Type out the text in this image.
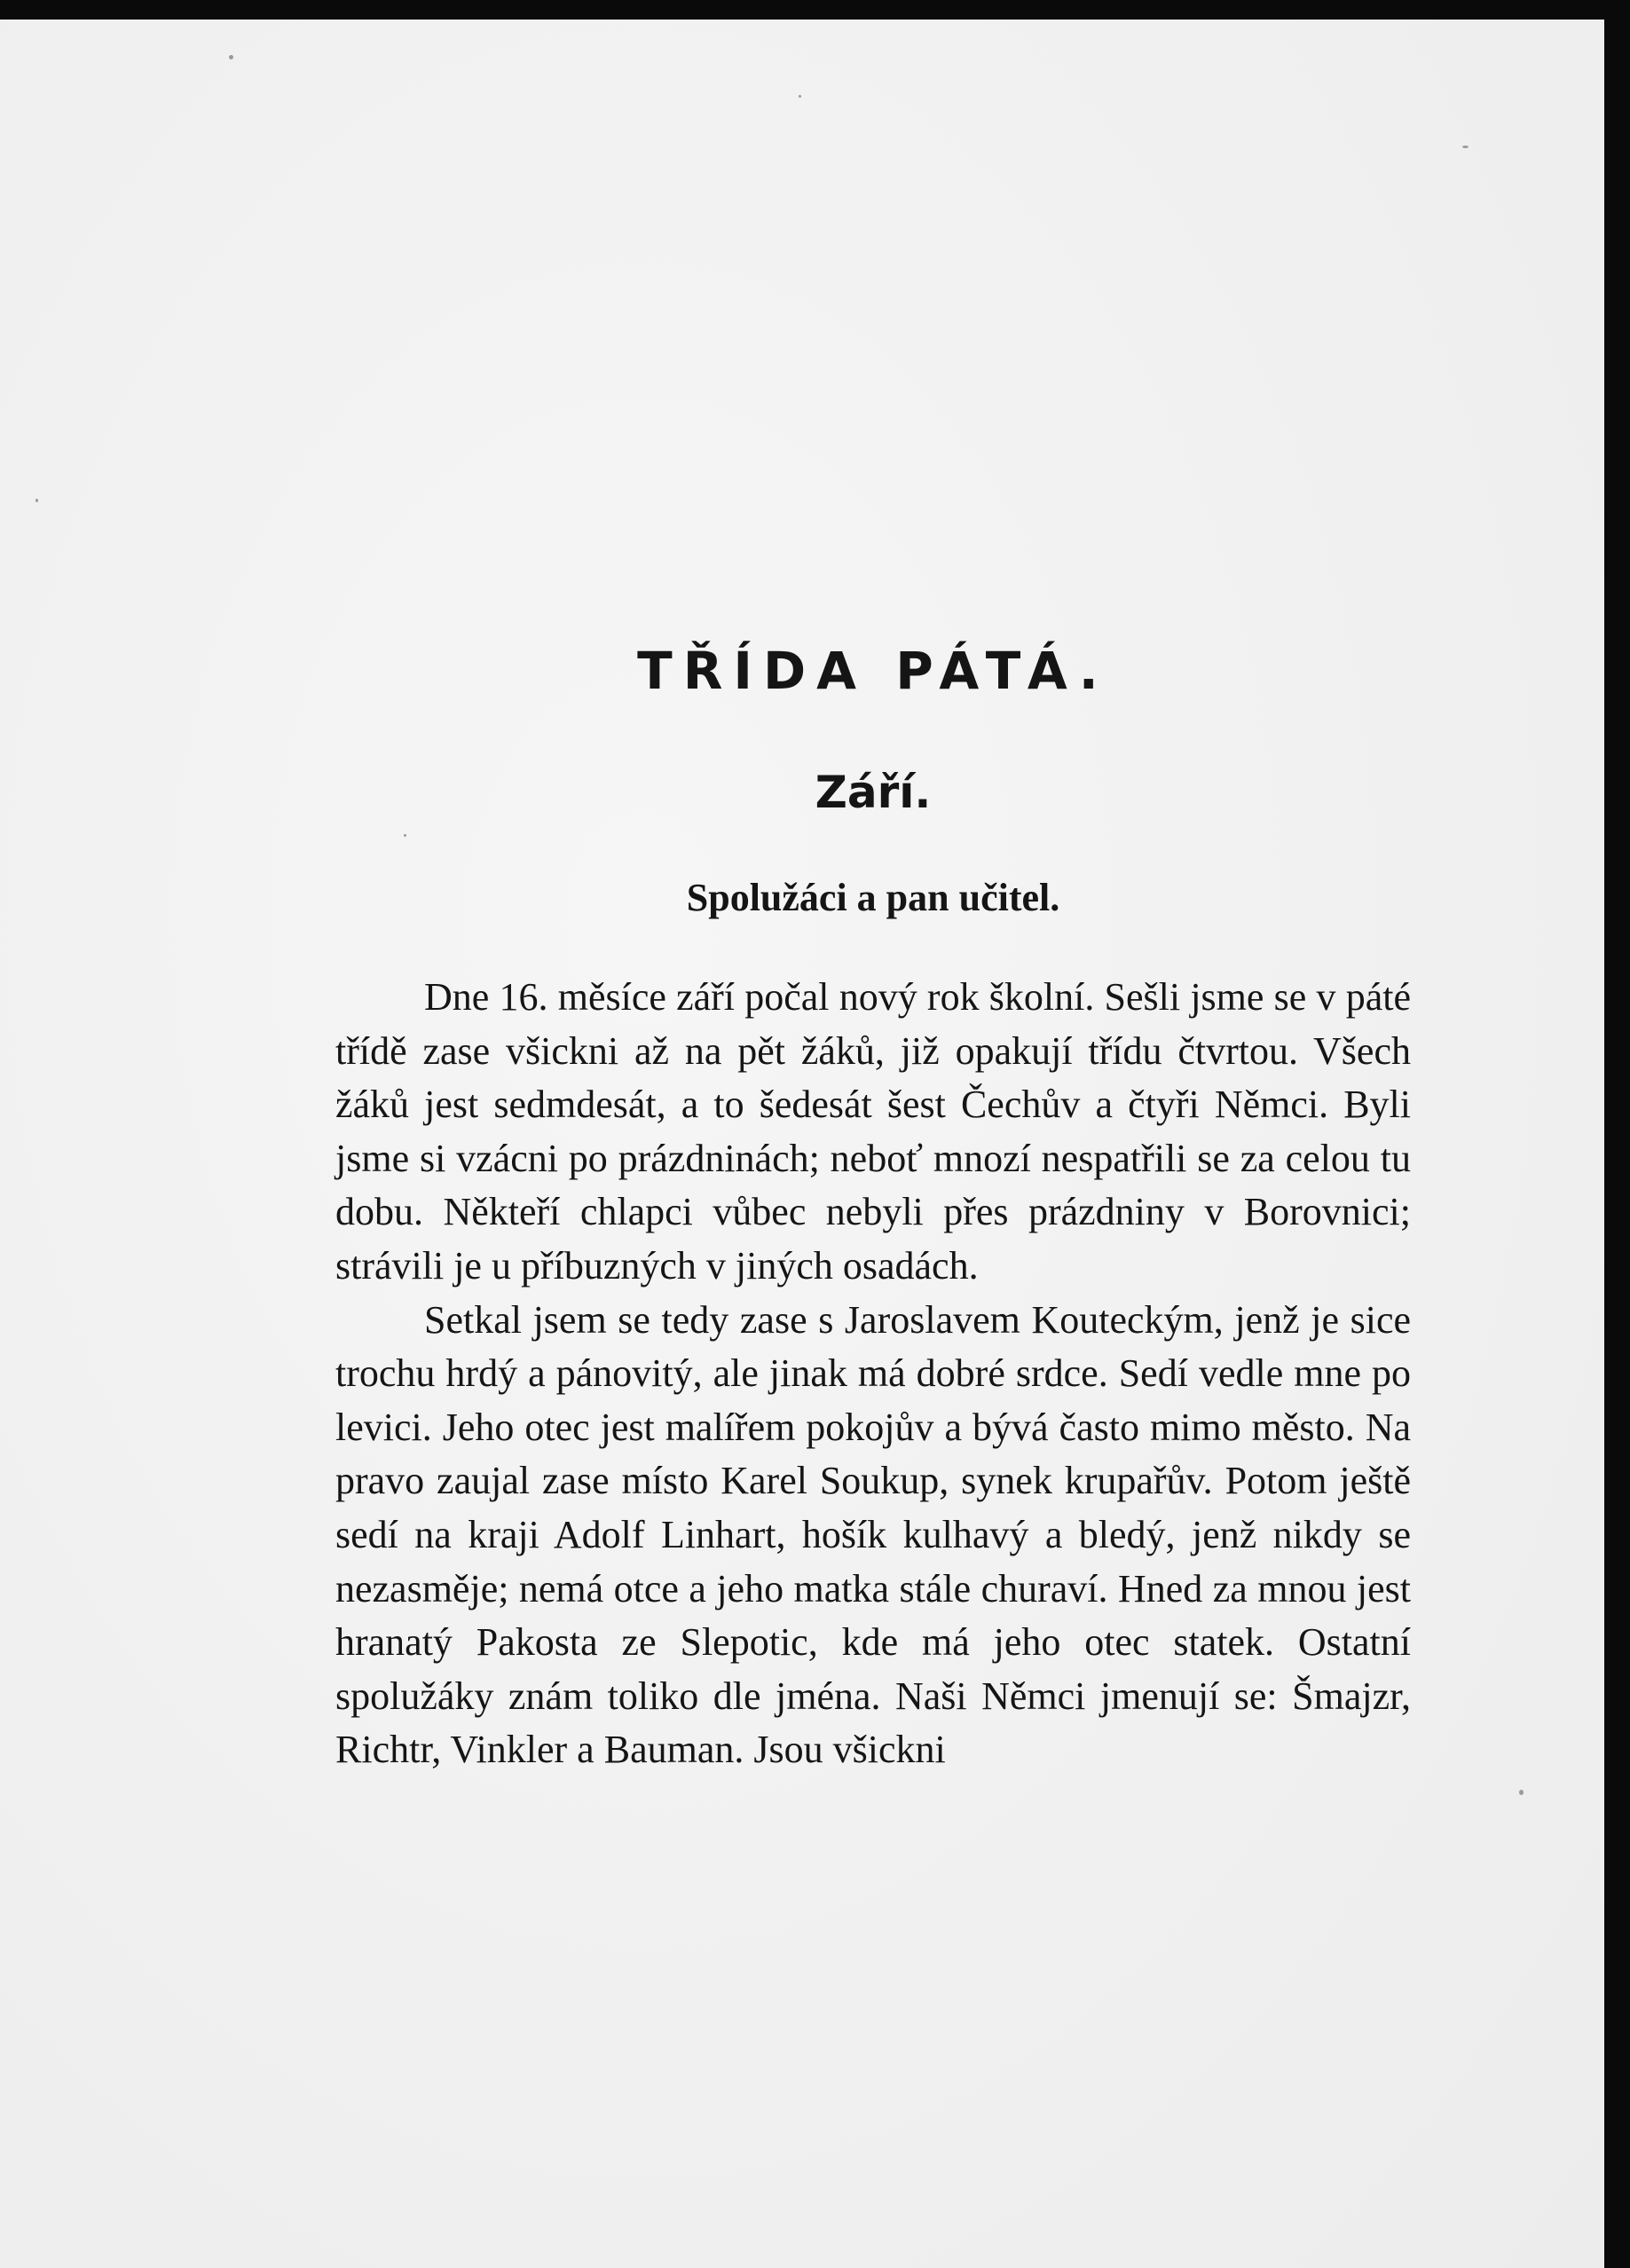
TŘÍDA PÁTÁ.
Září.
Spolužáci a pan učitel.

Dne 16. měsíce září počal nový rok školní. Sešli jsme se v páté třídě zase všickni až na pět žáků, již opakují třídu čtvrtou. Všech žáků jest sedmdesát, a to šedesát šest Čechův a čtyři Němci. Byli jsme si vzácni po prázdninách; neboť mnozí nespatřili se za celou tu dobu. Někteří chlapci vůbec nebyli přes prázdniny v Borovnici; strávili je u příbuzných v jiných osadách.

Setkal jsem se tedy zase s Jaroslavem Kouteckým, jenž je sice trochu hrdý a pánovitý, ale jinak má dobré srdce. Sedí vedle mne po levici. Jeho otec jest malířem pokojův a bývá často mimo město. Na pravo zaujal zase místo Karel Soukup, synek krupařův. Potom ještě sedí na kraji Adolf Linhart, hošík kulhavý a bledý, jenž nikdy se nezasměje; nemá otce a jeho matka stále churaví. Hned za mnou jest hranatý Pakosta ze Slepotic, kde má jeho otec statek. Ostatní spolužáky znám toliko dle jména. Naši Němci jmenují se: Šmajzr, Richtr, Vinkler a Bauman. Jsou všickni
